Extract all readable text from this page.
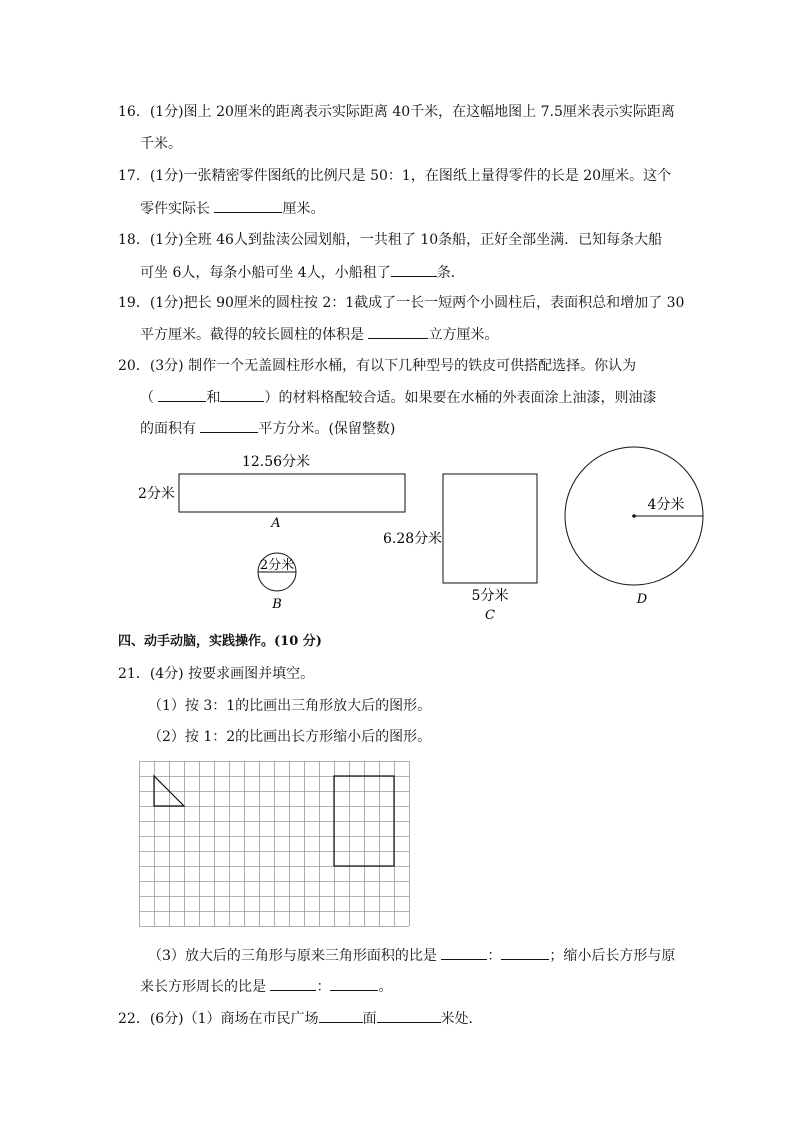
16．(1分)图上 20厘米的距离表示实际距离 40千米，在这幅地图上 7.5厘米表示实际距离
千米。
17．(1分)一张精密零件图纸的比例尺是 50：1，在图纸上量得零件的长是 20厘米。这个
零件实际长	厘米。
18．(1分)全班 46人到盐渎公园划船，一共租了 10条船，正好全部坐满．已知每条大船
可坐 6人，每条小船可坐 4人，小船租了	条．
19．(1分)把长 90厘米的圆柱按 2：1截成了一长一短两个小圆柱后，表面积总和增加了 30
平方厘米。截得的较长圆柱的体积是	立方厘米。
20．(3分) 制作一个无盖圆柱形水桶，有以下几种型号的铁皮可供搭配选择。你认为
（	和	）的材料格配较合适。如果要在水桶的外表面涂上油漆，则油漆
的面积有	平方分米。(保留整数)
12.56分米
2分米
A
2分米
B
6.28分米
5分米
C
4分米
D
四、动手动脑，实践操作。(10 分)
21．(4分) 按要求画图并填空。
（1）按 3：1的比画出三角形放大后的图形。
（2）按 1：2的比画出长方形缩小后的图形。
（3）放大后的三角形与原来三角形面积的比是	：	；缩小后长方形与原
来长方形周长的比是	：	。
22．(6分)（1）商场在市民广场	面	米处．
